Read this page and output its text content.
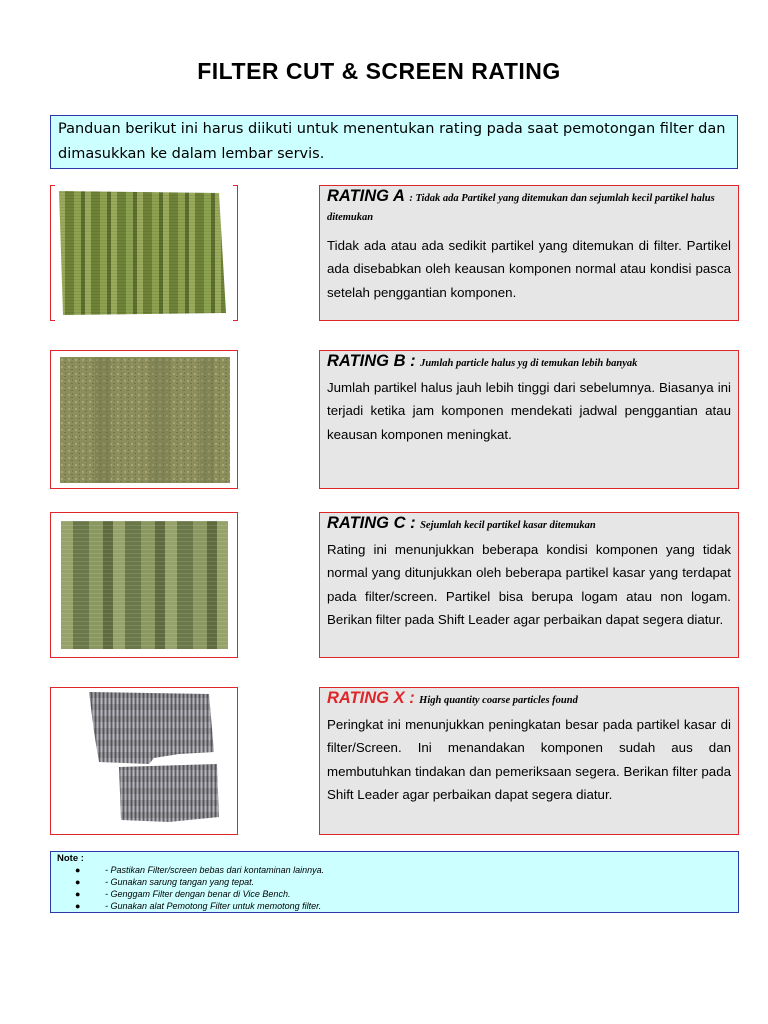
FILTER CUT & SCREEN RATING
Panduan berikut ini harus diikuti untuk menentukan rating pada saat pemotongan filter dan dimasukkan ke dalam lembar servis.
RATING A : Tidak ada Partikel yang ditemukan dan sejumlah kecil partikel halus ditemukan
Tidak ada atau ada sedikit partikel yang ditemukan di filter. Partikel ada disebabkan oleh keausan komponen normal atau kondisi pasca setelah penggantian komponen.
RATING B : Jumlah particle halus yg di temukan lebih banyak
Jumlah partikel halus jauh lebih tinggi dari sebelumnya. Biasanya ini terjadi ketika jam komponen mendekati jadwal penggantian atau keausan komponen meningkat.
RATING C : Sejumlah kecil partikel kasar ditemukan
Rating ini menunjukkan beberapa kondisi komponen yang tidak normal yang ditunjukkan oleh beberapa partikel kasar yang terdapat pada filter/screen. Partikel bisa berupa logam atau non logam. Berikan filter pada Shift Leader agar perbaikan dapat segera diatur.
RATING X : High quantity coarse particles found
Peringkat ini menunjukkan peningkatan besar pada partikel kasar di filter/Screen. Ini menandakan komponen sudah aus dan membutuhkan tindakan dan pemeriksaan segera. Berikan filter pada Shift Leader agar perbaikan dapat segera diatur.
Note :
●	- Pastikan Filter/screen bebas dari kontaminan lainnya.
●	- Gunakan sarung tangan yang tepat.
●	- Genggam Filter dengan benar di Vice Bench.
●	- Gunakan alat Pemotong Filter untuk memotong filter.
